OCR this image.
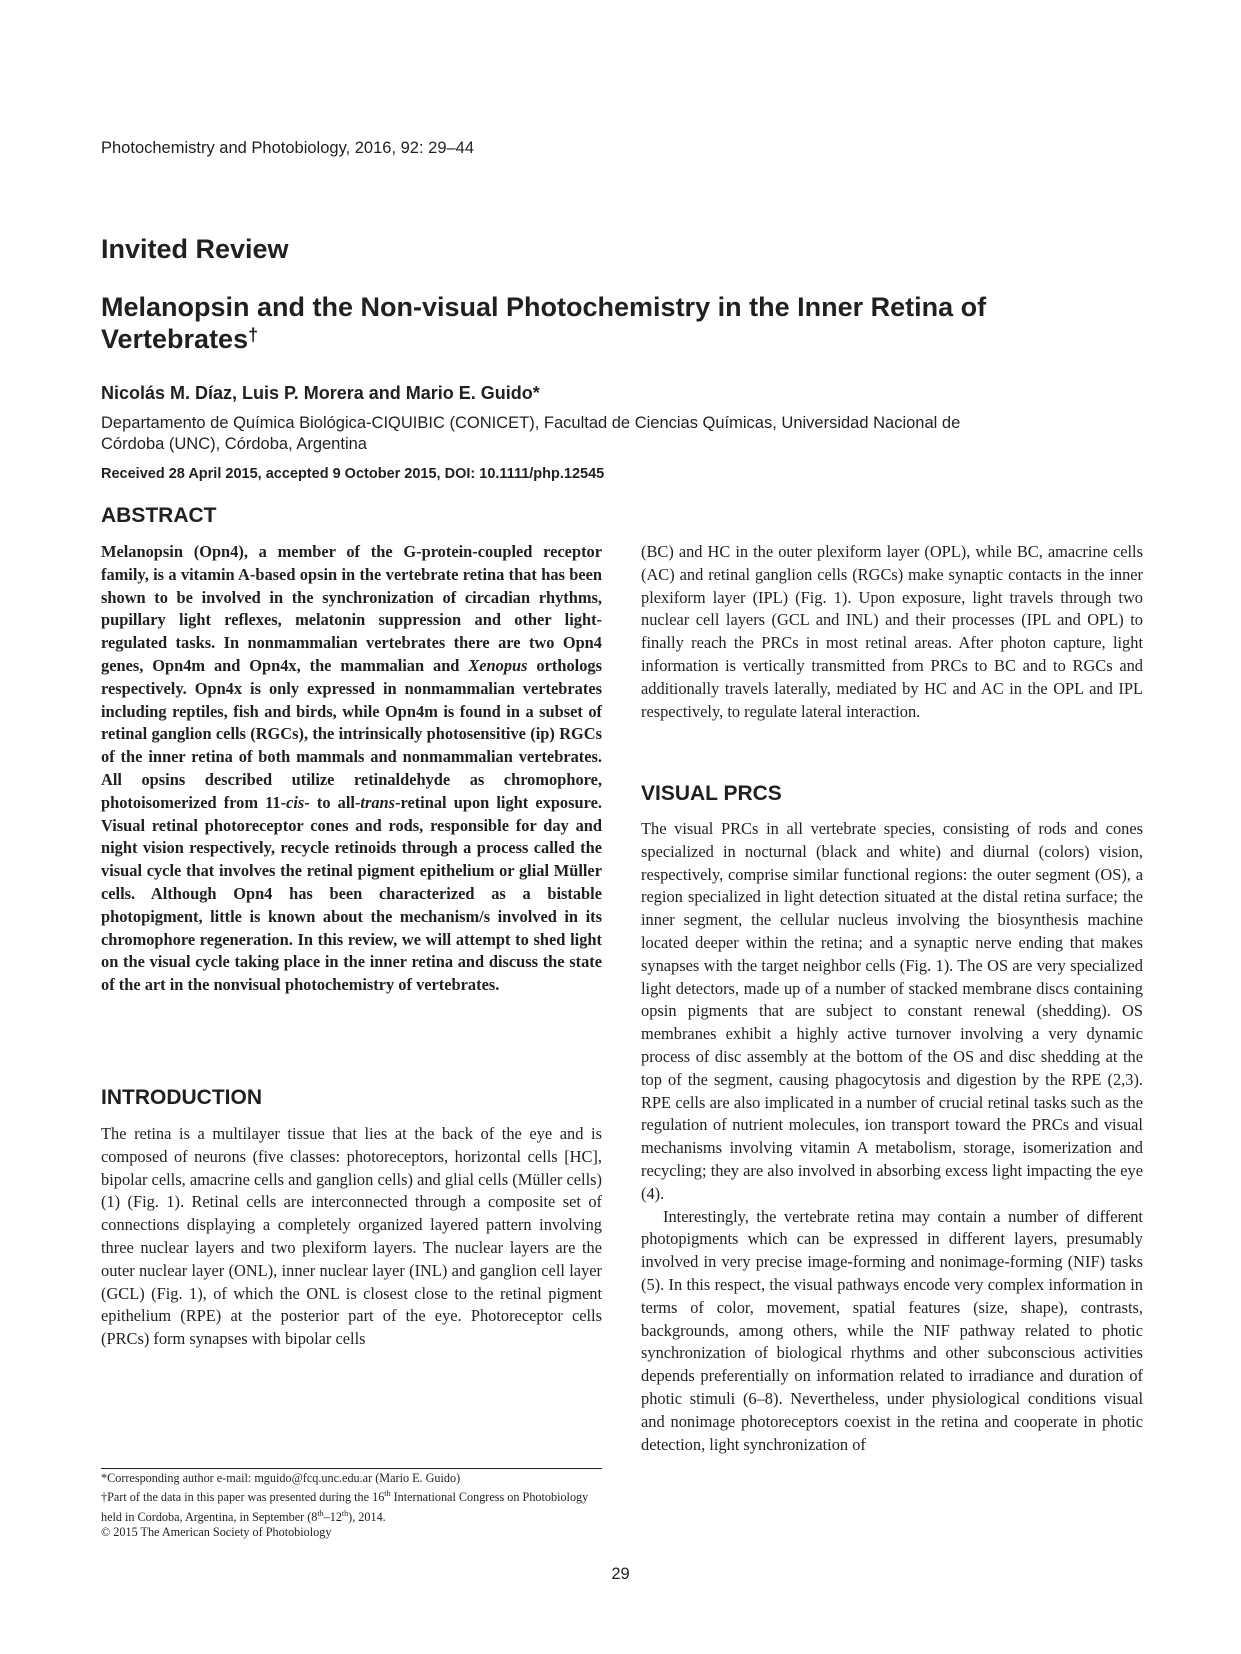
Photochemistry and Photobiology, 2016, 92: 29–44
Invited Review
Melanopsin and the Non-visual Photochemistry in the Inner Retina of
Vertebrates†
Nicolás M. Díaz, Luis P. Morera and Mario E. Guido*
Departamento de Química Biológica-CIQUIBIC (CONICET), Facultad de Ciencias Químicas, Universidad Nacional de
Córdoba (UNC), Córdoba, Argentina
Received 28 April 2015, accepted 9 October 2015, DOI: 10.1111/php.12545
ABSTRACT

Melanopsin (Opn4), a member of the G-protein-coupled receptor family, is a vitamin A-based opsin in the vertebrate retina that has been shown to be involved in the synchronization of circadian rhythms, pupillary light reflexes, melatonin suppression and other light-regulated tasks. In nonmammalian vertebrates there are two Opn4 genes, Opn4m and Opn4x, the mammalian and Xenopus orthologs respectively. Opn4x is only expressed in nonmammalian vertebrates including reptiles, fish and birds, while Opn4m is found in a subset of retinal ganglion cells (RGCs), the intrinsically photosensitive (ip) RGCs of the inner retina of both mammals and nonmammalian vertebrates. All opsins described utilize retinaldehyde as chromophore, photoisomerized from 11-cis- to all-trans-retinal upon light exposure. Visual retinal photoreceptor cones and rods, responsible for day and night vision respectively, recycle retinoids through a process called the visual cycle that involves the retinal pigment epithelium or glial Müller cells. Although Opn4 has been characterized as a bistable photopigment, little is known about the mechanism/s involved in its chromophore regeneration. In this review, we will attempt to shed light on the visual cycle taking place in the inner retina and discuss the state of the art in the nonvisual photochemistry of vertebrates.

INTRODUCTION

The retina is a multilayer tissue that lies at the back of the eye and is composed of neurons (five classes: photoreceptors, horizontal cells [HC], bipolar cells, amacrine cells and ganglion cells) and glial cells (Müller cells) (1) (Fig. 1). Retinal cells are interconnected through a composite set of connections displaying a completely organized layered pattern involving three nuclear layers and two plexiform layers. The nuclear layers are the outer nuclear layer (ONL), inner nuclear layer (INL) and ganglion cell layer (GCL) (Fig. 1), of which the ONL is closest close to the retinal pigment epithelium (RPE) at the posterior part of the eye. Photoreceptor cells (PRCs) form synapses with bipolar cells

*Corresponding author e-mail: mguido@fcq.unc.edu.ar (Mario E. Guido)
†Part of the data in this paper was presented during the 16th International Congress on Photobiology held in Cordoba, Argentina, in September (8th–12th), 2014.
© 2015 The American Society of Photobiology

(BC) and HC in the outer plexiform layer (OPL), while BC, amacrine cells (AC) and retinal ganglion cells (RGCs) make synaptic contacts in the inner plexiform layer (IPL) (Fig. 1). Upon exposure, light travels through two nuclear cell layers (GCL and INL) and their processes (IPL and OPL) to finally reach the PRCs in most retinal areas. After photon capture, light information is vertically transmitted from PRCs to BC and to RGCs and additionally travels laterally, mediated by HC and AC in the OPL and IPL respectively, to regulate lateral interaction.

VISUAL PRCS

The visual PRCs in all vertebrate species, consisting of rods and cones specialized in nocturnal (black and white) and diurnal (colors) vision, respectively, comprise similar functional regions: the outer segment (OS), a region specialized in light detection situated at the distal retina surface; the inner segment, the cellular nucleus involving the biosynthesis machine located deeper within the retina; and a synaptic nerve ending that makes synapses with the target neighbor cells (Fig. 1). The OS are very specialized light detectors, made up of a number of stacked membrane discs containing opsin pigments that are subject to constant renewal (shedding). OS membranes exhibit a highly active turnover involving a very dynamic process of disc assembly at the bottom of the OS and disc shedding at the top of the segment, causing phagocytosis and digestion by the RPE (2,3). RPE cells are also implicated in a number of crucial retinal tasks such as the regulation of nutrient molecules, ion transport toward the PRCs and visual mechanisms involving vitamin A metabolism, storage, isomerization and recycling; they are also involved in absorbing excess light impacting the eye (4).

Interestingly, the vertebrate retina may contain a number of different photopigments which can be expressed in different layers, presumably involved in very precise image-forming and nonimage-forming (NIF) tasks (5). In this respect, the visual pathways encode very complex information in terms of color, movement, spatial features (size, shape), contrasts, backgrounds, among others, while the NIF pathway related to photic synchronization of biological rhythms and other subconscious activities depends preferentially on information related to irradiance and duration of photic stimuli (6–8). Nevertheless, under physiological conditions visual and nonimage photoreceptors coexist in the retina and cooperate in photic detection, light synchronization of

29
